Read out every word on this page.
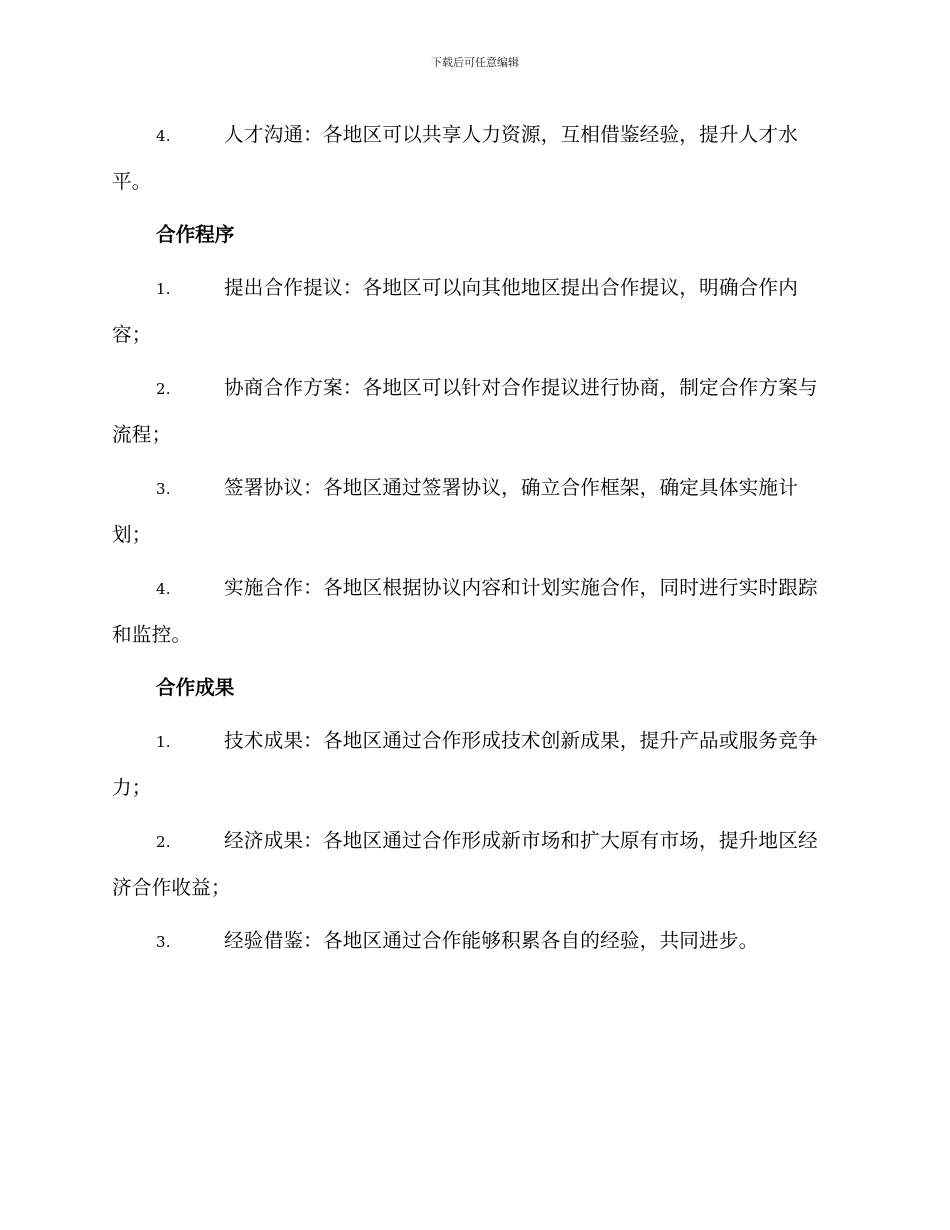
下载后可任意编辑
4.	人才沟通：各地区可以共享人力资源，互相借鉴经验，提升人才水平。
合作程序
1.	提出合作提议：各地区可以向其他地区提出合作提议，明确合作内容；
2.	协商合作方案：各地区可以针对合作提议进行协商，制定合作方案与流程；
3.	签署协议：各地区通过签署协议，确立合作框架，确定具体实施计划；
4.	实施合作：各地区根据协议内容和计划实施合作，同时进行实时跟踪和监控。
合作成果
1.	技术成果：各地区通过合作形成技术创新成果，提升产品或服务竞争力；
2.	经济成果：各地区通过合作形成新市场和扩大原有市场，提升地区经济合作收益；
3.	经验借鉴：各地区通过合作能够积累各自的经验，共同进步。
